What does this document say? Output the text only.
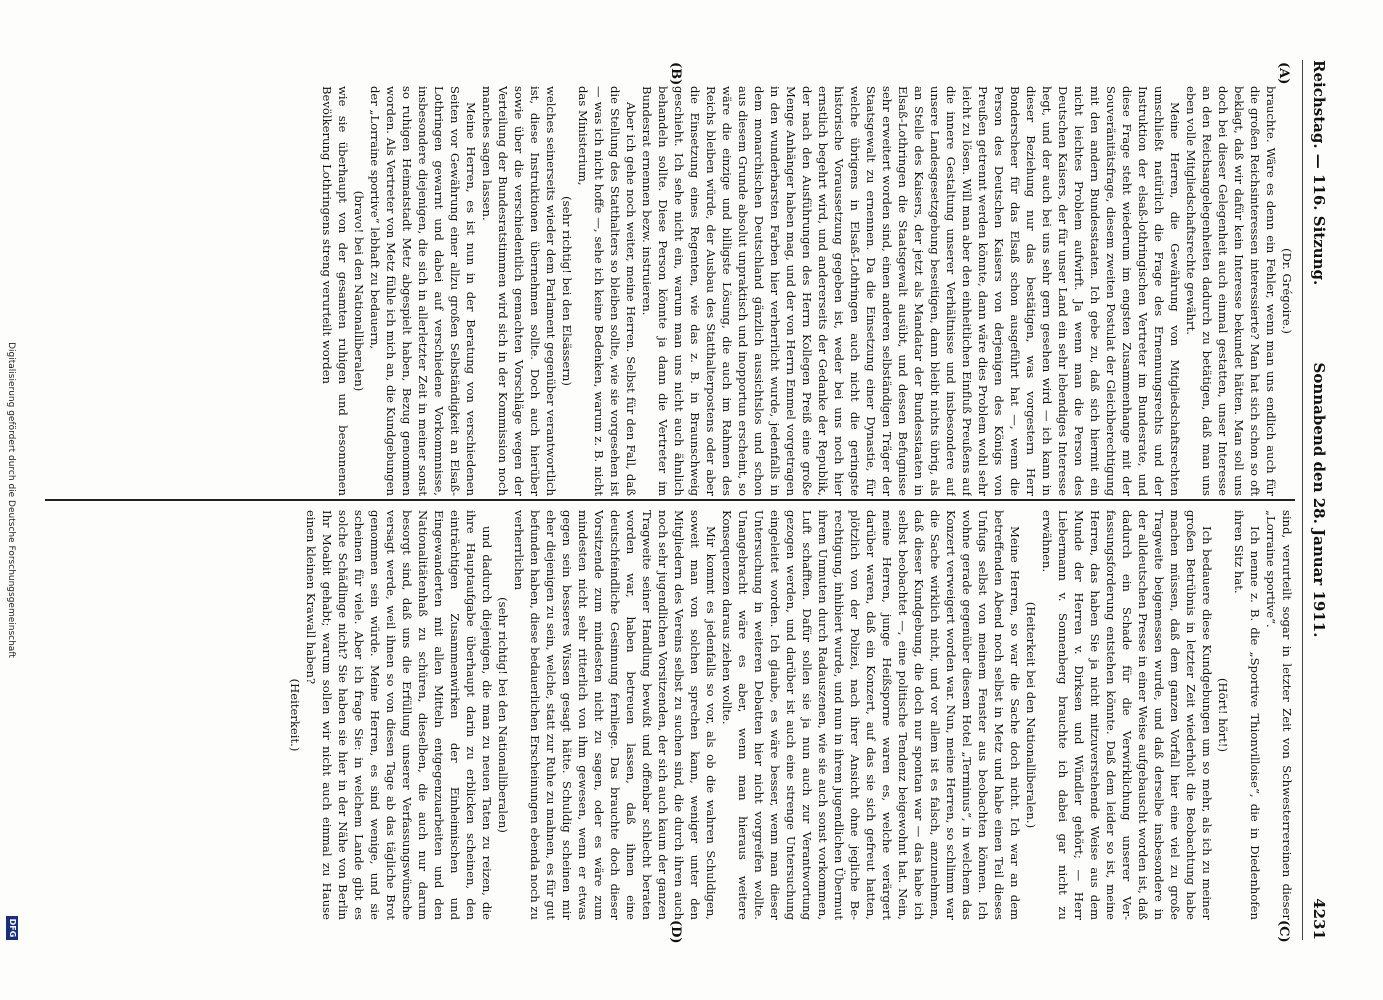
Reichstag. — 116. Sitzung.
Sonnabend den 28. Januar 1911.
4231
(A)
(B)
(C)
(D)

(Dr. Grégoire.)

brauchte. Wäre es denn ein Fehler, wenn man uns endlich auch für die großen Reichsinteressen interessierte? Man hat sich schon so oft beklagt, daß wir dafür kein Interesse bekundet hätten. Man soll uns doch bei dieser Gelegenheit auch einmal gestatten, unser Interesse an den Reichsangelegenheiten dadurch zu betätigen, daß man uns eben volle Mitgliedschaftsrechte gewährt.

Meine Herren, die Gewährung von Mitgliedschaftsrechten umschließt natürlich die Frage des Ernennungsrechts und der Instruktion der elsaß-lothringischen Vertreter im Bundesrate, und diese Frage steht wiederum im engsten Zusammenhange mit der Souveränitätsfrage, diesem zweiten Postulat der Gleichberechtigung mit den andern Bundesstaaten. Ich gebe zu, daß sich hiermit ein nicht leichtes Problem aufwirft. Ja wenn man die Person des Deutschen Kaisers, der für unser Land ein sehr lebendiges Interesse hegt, und der auch bei uns sehr gern gesehen wird — ich kann in dieser Beziehung nur das bestätigen, was vorgestern Herr Bonderscheer für das Elsaß schon ausgeführt hat —, wenn die Person des Deutschen Kaisers von derjenigen des Königs von Preußen getrennt werden könnte, dann wäre dies Problem wohl sehr leicht zu lösen. Will man aber den einheitlichen Einfluß Preußens auf die innere Gestaltung unserer Verhältnisse und insbesondere auf unsere Landesgesetzgebung beseitigen, dann bleibt nichts übrig, als an Stelle des Kaisers, der jetzt als Mandatar der Bundesstaaten in Elsaß-Lothringen die Staatsgewalt ausübt, und dessen Befugnisse sehr erweitert worden sind, einen anderen selbständigen Träger der Staatsgewalt zu ernennen. Da die Einsetzung einer Dynastie, für welche übrigens in Elsaß-Lothringen auch nicht die geringste historische Voraussetzung gegeben ist, weder bei uns noch hier ernstlich begehrt wird, und andererseits der Gedanke der Republik, der nach den Ausführungen des Herrn Kollegen Preiß eine große Menge Anhänger haben mag, und der von Herrn Emmel vorgetragen in den wunderbarsten Farben hier verherrlicht wurde, jedenfalls in dem monarchischen Deutschland gänzlich aussichtslos und schon aus diesem Grunde absolut unpraktisch und inopportun erscheint, so wäre die einzige und billigste Lösung, die auch im Rahmen des Reichs bleiben würde, der Ausbau des Statthalterpostens oder aber die Einsetzung eines Regenten, wie das z. B. in Braunschweig geschieht. Ich sehe nicht ein, warum man uns nicht auch ähnlich behandeln sollte. Diese Person könnte ja dann die Vertreter im Bundesrat ernennen bezw. instruieren.

Aber ich gehe noch weiter, meine Herren. Selbst für den Fall, daß die Stellung des Statthalters so bleiben sollte, wie sie vorgesehen ist — was ich nicht hoffe —, sehe ich keine Bedenken, warum z. B. nicht das Ministerium,

(sehr richtig! bei den Elsässern)

welches seinerseits wieder dem Parlament gegenüber verantwortlich ist, diese Instruktionen übernehmen sollte. Doch auch hierüber sowie über die verschiedentlich gemachten Vorschläge wegen der Verteilung der Bundesratstimmen wird sich in der Kommission noch manches sagen lassen.

Meine Herren, es ist nun in der Beratung von verschiedenen Seiten vor Gewährung einer allzu großen Selbständigkeit an Elsaß-Lothringen gewarnt und dabei auf verschiedene Vorkommnisse, insbesondere diejenigen, die sich in allerletzter Zeit in meiner sonst so ruhigen Heimatstadt Metz abgespielt haben, Bezug genommen worden. Als Vertreter von Metz fühle ich mich an, die Kundgebungen der „Lorraine sportive“ lebhaft zu bedauern,

(bravo! bei den Nationalliberalen)

wie sie überhaupt von der gesamten ruhigen und besonnenen Bevölkerung Lothringens streng verurteilt worden

sind, verurteilt sogar in letzter Zeit von Schwesterrereinen dieser „Lorraine sportive“.

Ich nenne z. B. die „Sportive Thionvilloise“, die in Diedenhofen ihren Sitz hat.

(Hört! hört!)

Ich bedauere diese Kundgebungen um so mehr, als ich zu meiner großen Betrübnis in letzter Zeit wiederholt die Beobachtung habe machen müssen, daß dem ganzen Vorfall hier eine viel zu große Tragweite beigemessen wurde, und daß derselbe insbesondere in der alldeutschen Presse in einer Weise aufgebauscht worden ist, daß dadurch ein Schade für die Verwirklichung unserer Verfassungsforderung entstehen könnte. Daß dem leider so ist, meine Herren, das haben Sie ja nicht mitzuverstehende Weise aus dem Munde der Herren v. Dirksen und Wündler gehört; — Herr Liebermann v. Sonnenberg brauchte ich dabei gar nicht zu erwähnen.

(Heiterkeit bei den Nationalliberalen.)

Meine Herren, so war die Sache doch nicht. Ich war an dem betreffenden Abend noch selbst in Metz und habe einen Teil dieses Unfugs selbst von meinem Fenster aus beobachten können. Ich wohne gerade gegenüber diesem Hotel „Terminus“, in welchem das Konzert verweigert worden war. Nun, meine Herren, so schlimm war die Sache wirklich nicht, und vor allem ist es falsch, anzunehmen, daß dieser Kundgebung, die doch nur spontan war — das habe ich selbst beobachtet —, eine politische Tendenz beigewohnt hat. Nein, meine Herren, junge Heißsporne waren es, welche verärgert darüber waren, daß ein Konzert, auf das sie sich gefreut hatten, plötzlich von der Polizei, nach ihrer Ansicht ohne jegliche Berechtigung, inhibiert wurde, und nun in ihrem jugendlichen Übermut ihrem Unmuten durch Radauszenen, wie sie auch sonst vorkommen, Luft schafften. Dafür sollen sie ja nun auch zur Verantwortung gezogen werden, und darüber ist auch eine strenge Untersuchung eingeleitet worden. Ich glaube, es wäre besser, wenn man dieser Untersuchung in weiteren Debatten hier nicht vorgreifen wollte. Unangebracht wäre es aber, wenn man hieraus weitere Konsequenzen daraus ziehen wollte.

Mir kommt es jedenfalls so vor, als ob die wahren Schuldigen, soweit man von solchen sprechen kann, weniger unter den Mitgliedern des Vereins selbst zu suchen sind, die durch ihren auch noch sehr jugendlichen Vorsitzenden, der sich auch kaum der ganzen Tragweite seiner Handlung bewußt und offenbar schlecht beraten worden war, haben betreuen lassen, daß ihnen eine deutschfeindliche Gesinnung fernliege. Das brauchte doch dieser Vorsitzende zum mindesten nicht zu sagen, oder es wäre zum mindesten nicht sehr ritterlich von ihm gewesen, wenn er etwas gegen sein besseres Wissen gesagt hätte. Schuldig scheinen mir eher diejenigen zu sein, welche, statt zur Ruhe zu mahnen, es für gut befunden haben, diese bedauerlichen Erscheinungen ebenda noch zu verherrlichen

(sehr richtig! bei den Nationalliberalen)

und dadurch diejenigen, die man zu neuen Taten zu reizen, die ihre Hauptaufgabe überhaupt darin zu erblicken scheinen, den einträchtigen Zusammenwirken der Einheimischen und Eingewanderten mit allen Mitteln entgegenzuarbeiten und den Nationalitätenhaß zu schüren, dieselben, die auch nur darum besorgt sind, daß uns die Erfüllung unserer Verfassungswünsche versagt werde, weil ihnen so von diesen Tage ab das tägliche Brot genommen sein würde. Meine Herren, es sind wenige, und sie scheinen für viele. Aber ich frage Sie: in welchem Lande gibt es solche Schädlinge nicht? Sie haben sie hier in der Nähe von Berlin Ihr Moabit gehabt; warum sollen wir nicht auch einmal zu Hause einen kleinen Krawall haben?

(Heiterkeit.)

Digitalisierung gefördert durch die Deutsche Forschungsgemeinschaft
DFG
